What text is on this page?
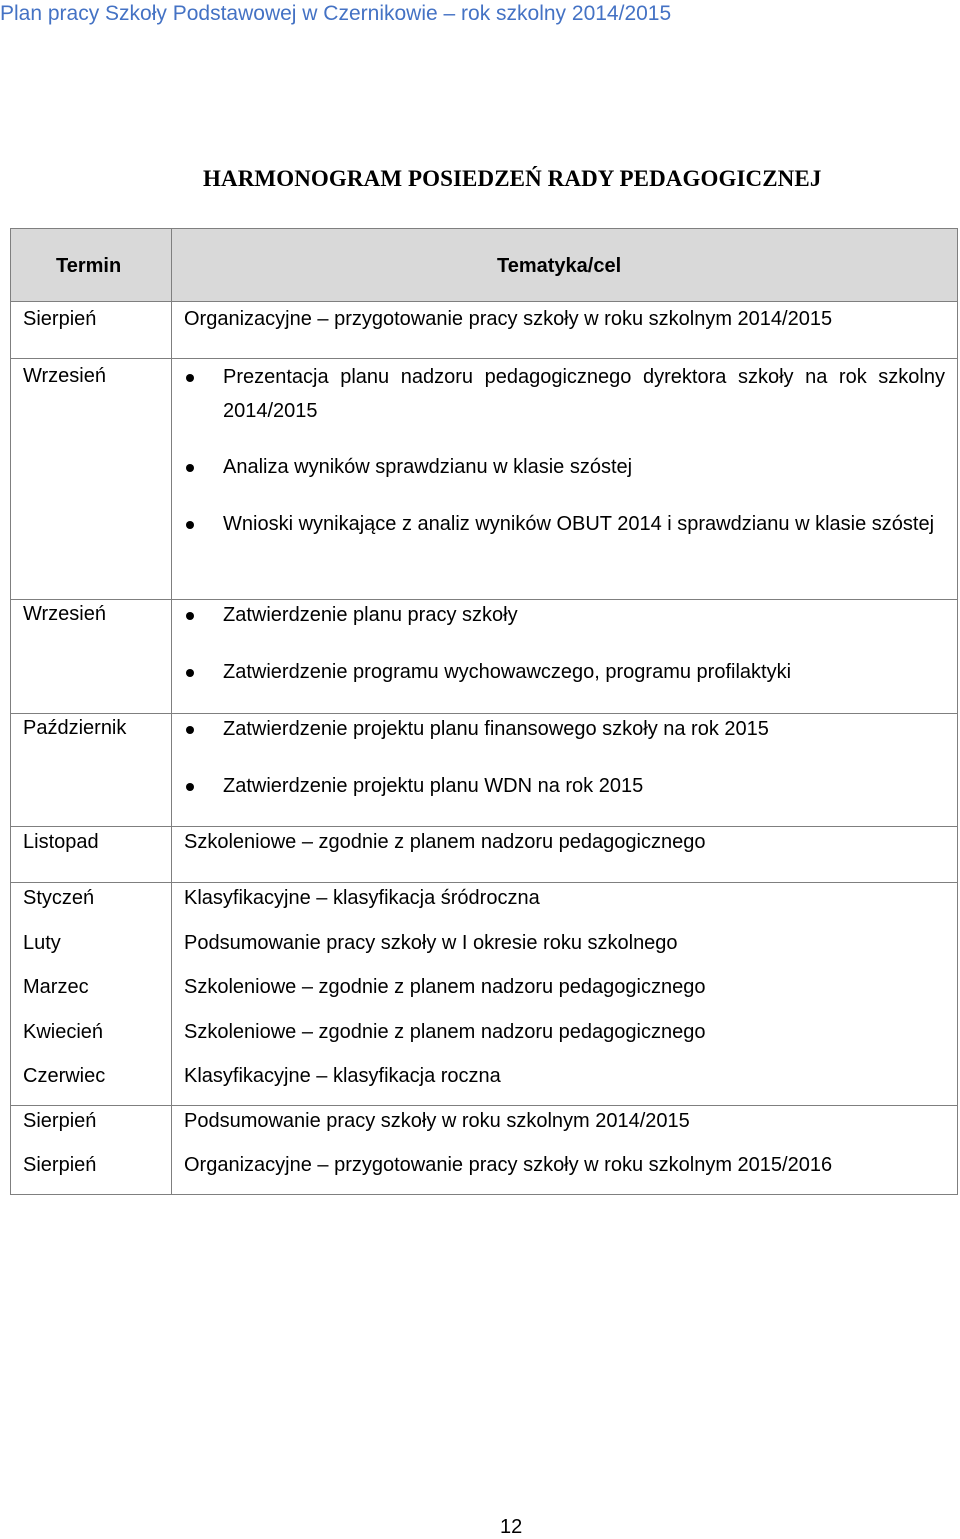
Plan pracy Szkoły Podstawowej w Czernikowie – rok szkolny 2014/2015
HARMONOGRAM POSIEDZEŃ RADY PEDAGOGICZNEJ
Termin	Tematyka/cel
Sierpień	Organizacyjne – przygotowanie pracy szkoły w roku szkolnym 2014/2015
Wrzesień	Prezentacja planu nadzoru pedagogicznego dyrektora szkoły na rok szkolny 2014/2015
Analiza wyników sprawdzianu w klasie szóstej
Wnioski wynikające z analiz wyników OBUT 2014 i sprawdzianu w klasie szóstej
Wrzesień	Zatwierdzenie planu pracy szkoły
Zatwierdzenie programu wychowawczego, programu profilaktyki
Październik	Zatwierdzenie projektu planu finansowego szkoły na rok 2015
Zatwierdzenie projektu planu WDN na rok 2015
Listopad	Szkoleniowe – zgodnie z planem nadzoru pedagogicznego
Styczeń	Klasyfikacyjne – klasyfikacja śródroczna
Luty	Podsumowanie pracy szkoły w I okresie roku szkolnego
Marzec	Szkoleniowe – zgodnie z planem nadzoru pedagogicznego
Kwiecień	Szkoleniowe – zgodnie z planem nadzoru pedagogicznego
Czerwiec	Klasyfikacyjne – klasyfikacja roczna
Sierpień	Podsumowanie pracy szkoły w roku szkolnym 2014/2015
Sierpień	Organizacyjne – przygotowanie pracy szkoły w roku szkolnym 2015/2016
12
